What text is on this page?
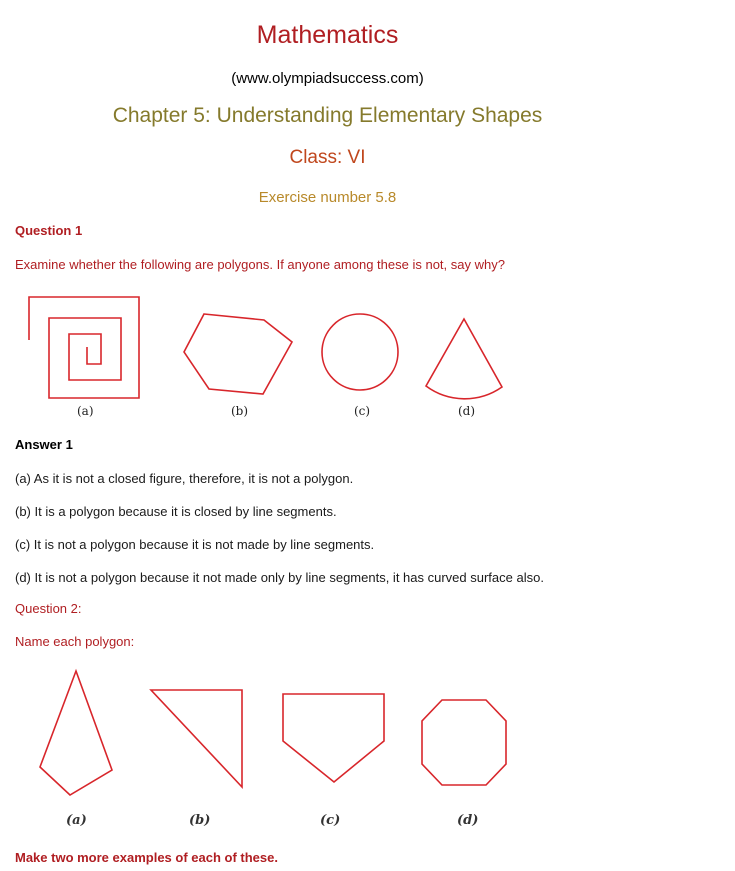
Mathematics
(www.olympiadsuccess.com)
Chapter 5: Understanding Elementary Shapes
Class: VI
Exercise number 5.8
Question 1
Examine whether the following are polygons. If anyone among these is not, say why?
(a)	(b)	(c)	(d)
Answer 1
(a) As it is not a closed figure, therefore, it is not a polygon.
(b) It is a polygon because it is closed by line segments.
(c) It is not a polygon because it is not made by line segments.
(d) It is not a polygon because it not made only by line segments, it has curved surface also.
Question 2:
Name each polygon:
(a)	(b)	(c)	(d)
Make two more examples of each of these.
